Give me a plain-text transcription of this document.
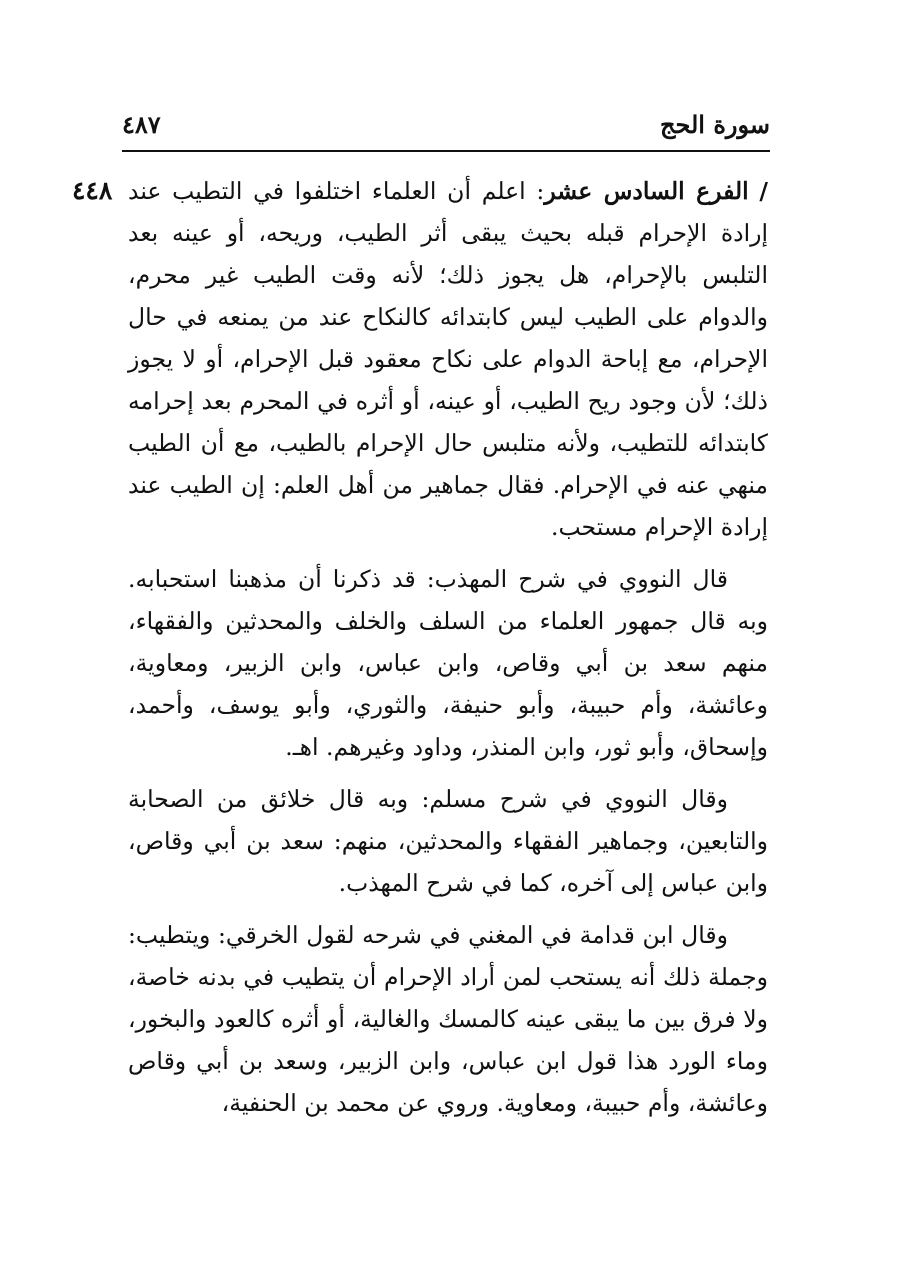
سورة الحج
٤٨٧
٤٤٨	/ الفرع السادس عشر: اعلم أن العلماء اختلفوا في التطيب عند إرادة الإحرام قبله بحيث يبقى أثر الطيب، وريحه، أو عينه بعد التلبس بالإحرام، هل يجوز ذلك؛ لأنه وقت الطيب غير محرم، والدوام على الطيب ليس كابتدائه كالنكاح عند من يمنعه في حال الإحرام، مع إباحة الدوام على نكاح معقود قبل الإحرام، أو لا يجوز ذلك؛ لأن وجود ريح الطيب، أو عينه، أو أثره في المحرم بعد إحرامه كابتدائه للتطيب، ولأنه متلبس حال الإحرام بالطيب، مع أن الطيب منهي عنه في الإحرام. فقال جماهير من أهل العلم: إن الطيب عند إرادة الإحرام مستحب.

قال النووي في شرح المهذب: قد ذكرنا أن مذهبنا استحبابه. وبه قال جمهور العلماء من السلف والخلف والمحدثين والفقهاء، منهم سعد بن أبي وقاص، وابن عباس، وابن الزبير، ومعاوية، وعائشة، وأم حبيبة، وأبو حنيفة، والثوري، وأبو يوسف، وأحمد، وإسحاق، وأبو ثور، وابن المنذر، وداود وغيرهم. اهـ.

وقال النووي في شرح مسلم: وبه قال خلائق من الصحابة والتابعين، وجماهير الفقهاء والمحدثين، منهم: سعد بن أبي وقاص، وابن عباس إلى آخره، كما في شرح المهذب.

وقال ابن قدامة في المغني في شرحه لقول الخرقي: ويتطيب: وجملة ذلك أنه يستحب لمن أراد الإحرام أن يتطيب في بدنه خاصة، ولا فرق بين ما يبقى عينه كالمسك والغالية، أو أثره كالعود والبخور، وماء الورد هذا قول ابن عباس، وابن الزبير، وسعد بن أبي وقاص وعائشة، وأم حبيبة، ومعاوية. وروي عن محمد بن الحنفية،
